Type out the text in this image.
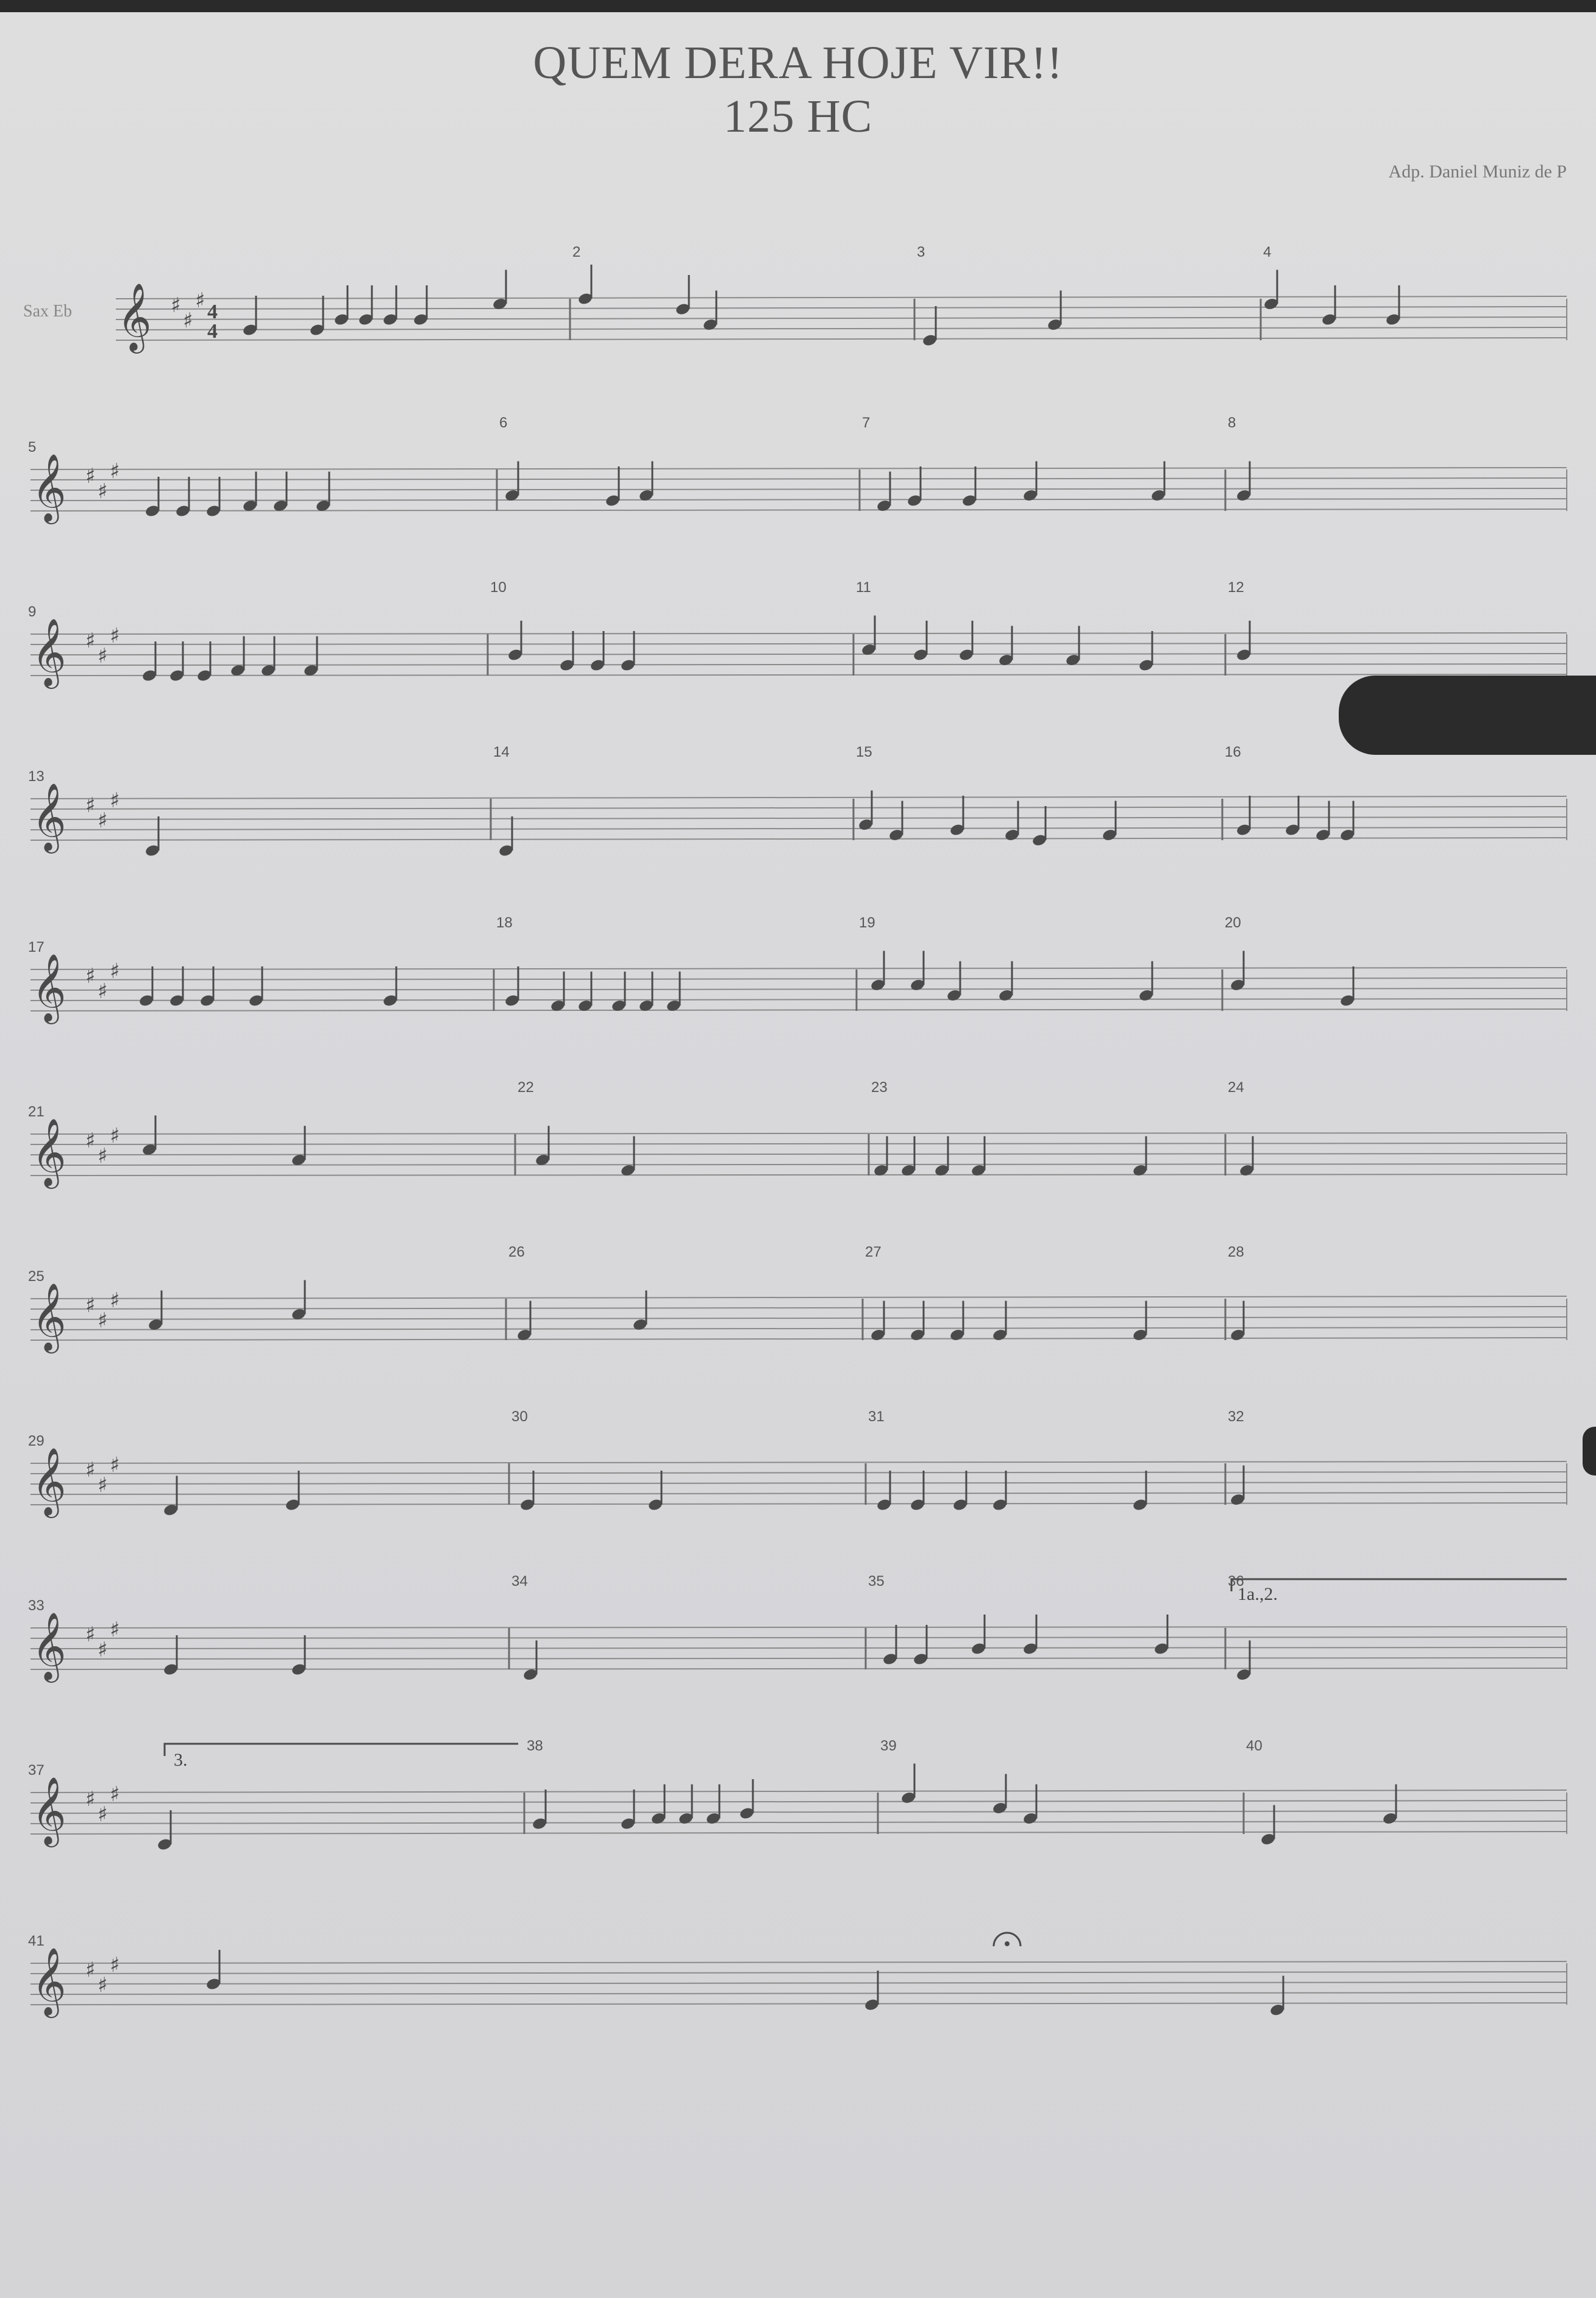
QUEM DERA HOJE VIR!!
125 HC
Adp. Daniel Muniz de P
Sax Eb 𝄞 ♯
♯
♯ 4
4
2	3	4
𝄞 ♯
♯
♯
5
6	7	8
𝄞 ♯
♯
♯
9
10	11	12
𝄞 ♯
♯
♯
13
14	15	16
𝄞 ♯
♯
♯
17
18	19	20
𝄞 ♯
♯
♯
21
22	23	24
𝄞 ♯
♯
♯
25
26	27	28
𝄞 ♯
♯
♯
29
30	31	32
𝄞 ♯
♯
♯
33
34	35	36
1a.,2.
𝄞 ♯
♯
♯
37
38	39	40
3.
𝄞 ♯
♯
♯
41
